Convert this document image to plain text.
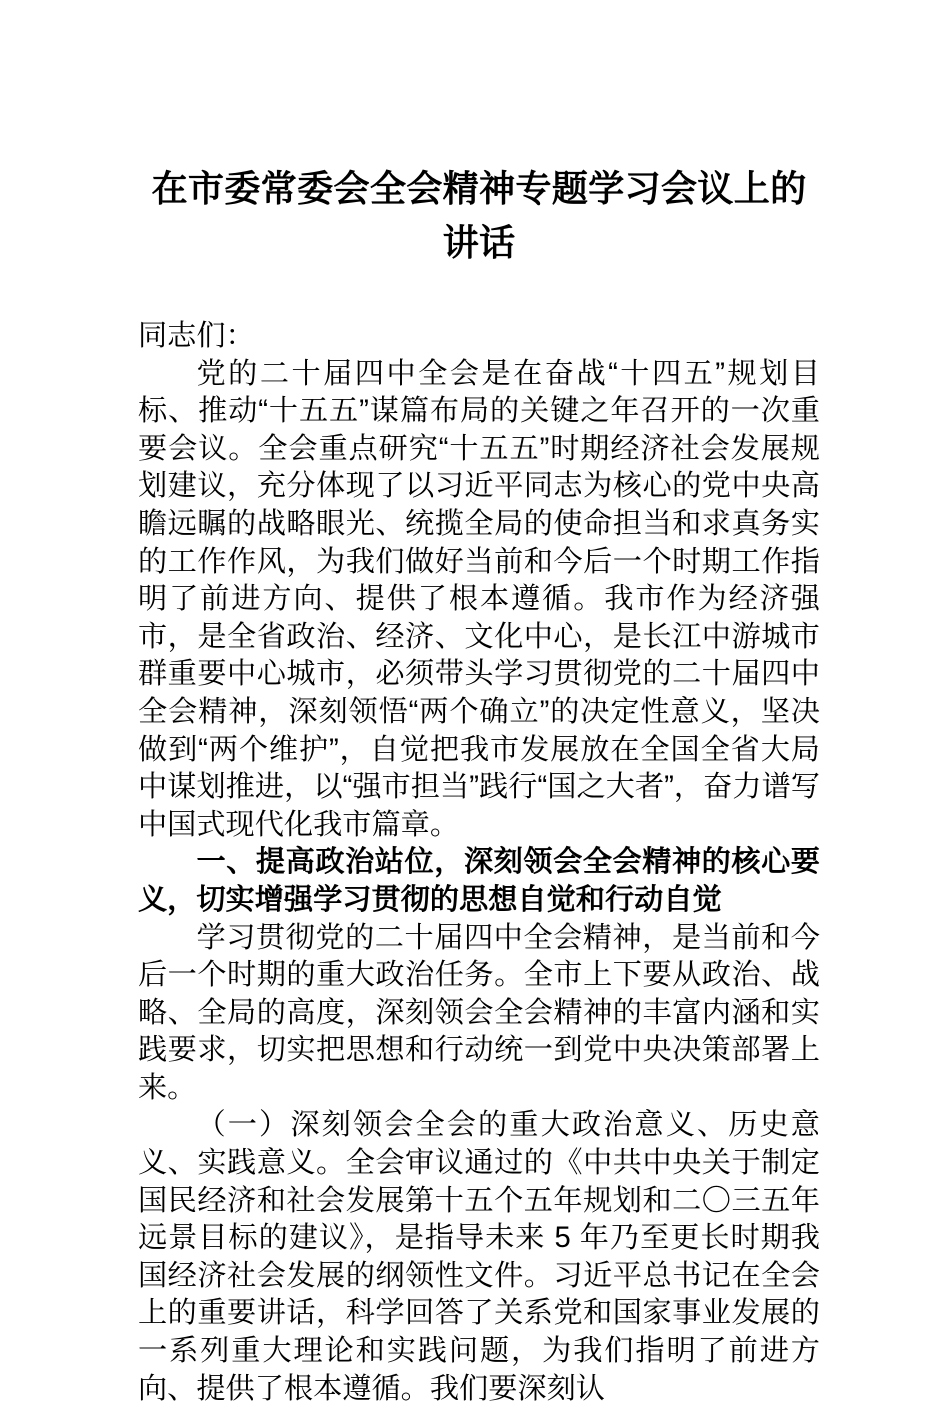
在市委常委会全会精神专题学习会议上的
讲话

同志们：

党的二十届四中全会是在奋战“十四五”规划目标、推动“十五五”谋篇布局的关键之年召开的一次重要会议。全会重点研究“十五五”时期经济社会发展规划建议，充分体现了以习近平同志为核心的党中央高瞻远瞩的战略眼光、统揽全局的使命担当和求真务实的工作作风，为我们做好当前和今后一个时期工作指明了前进方向、提供了根本遵循。我市作为经济强市，是全省政治、经济、文化中心，是长江中游城市群重要中心城市，必须带头学习贯彻党的二十届四中全会精神，深刻领悟“两个确立”的决定性意义，坚决做到“两个维护”，自觉把我市发展放在全国全省大局中谋划推进，以“强市担当”践行“国之大者”，奋力谱写中国式现代化我市篇章。

一、提高政治站位，深刻领会全会精神的核心要义，切实增强学习贯彻的思想自觉和行动自觉

学习贯彻党的二十届四中全会精神，是当前和今后一个时期的重大政治任务。全市上下要从政治、战略、全局的高度，深刻领会全会精神的丰富内涵和实践要求，切实把思想和行动统一到党中央决策部署上来。

（一）深刻领会全会的重大政治意义、历史意义、实践意义。全会审议通过的《中共中央关于制定国民经济和社会发展第十五个五年规划和二〇三五年远景目标的建议》，是指导未来 5 年乃至更长时期我国经济社会发展的纲领性文件。习近平总书记在全会上的重要讲话，科学回答了关系党和国家事业发展的一系列重大理论和实践问题，为我们指明了前进方向、提供了根本遵循。我们要深刻认
